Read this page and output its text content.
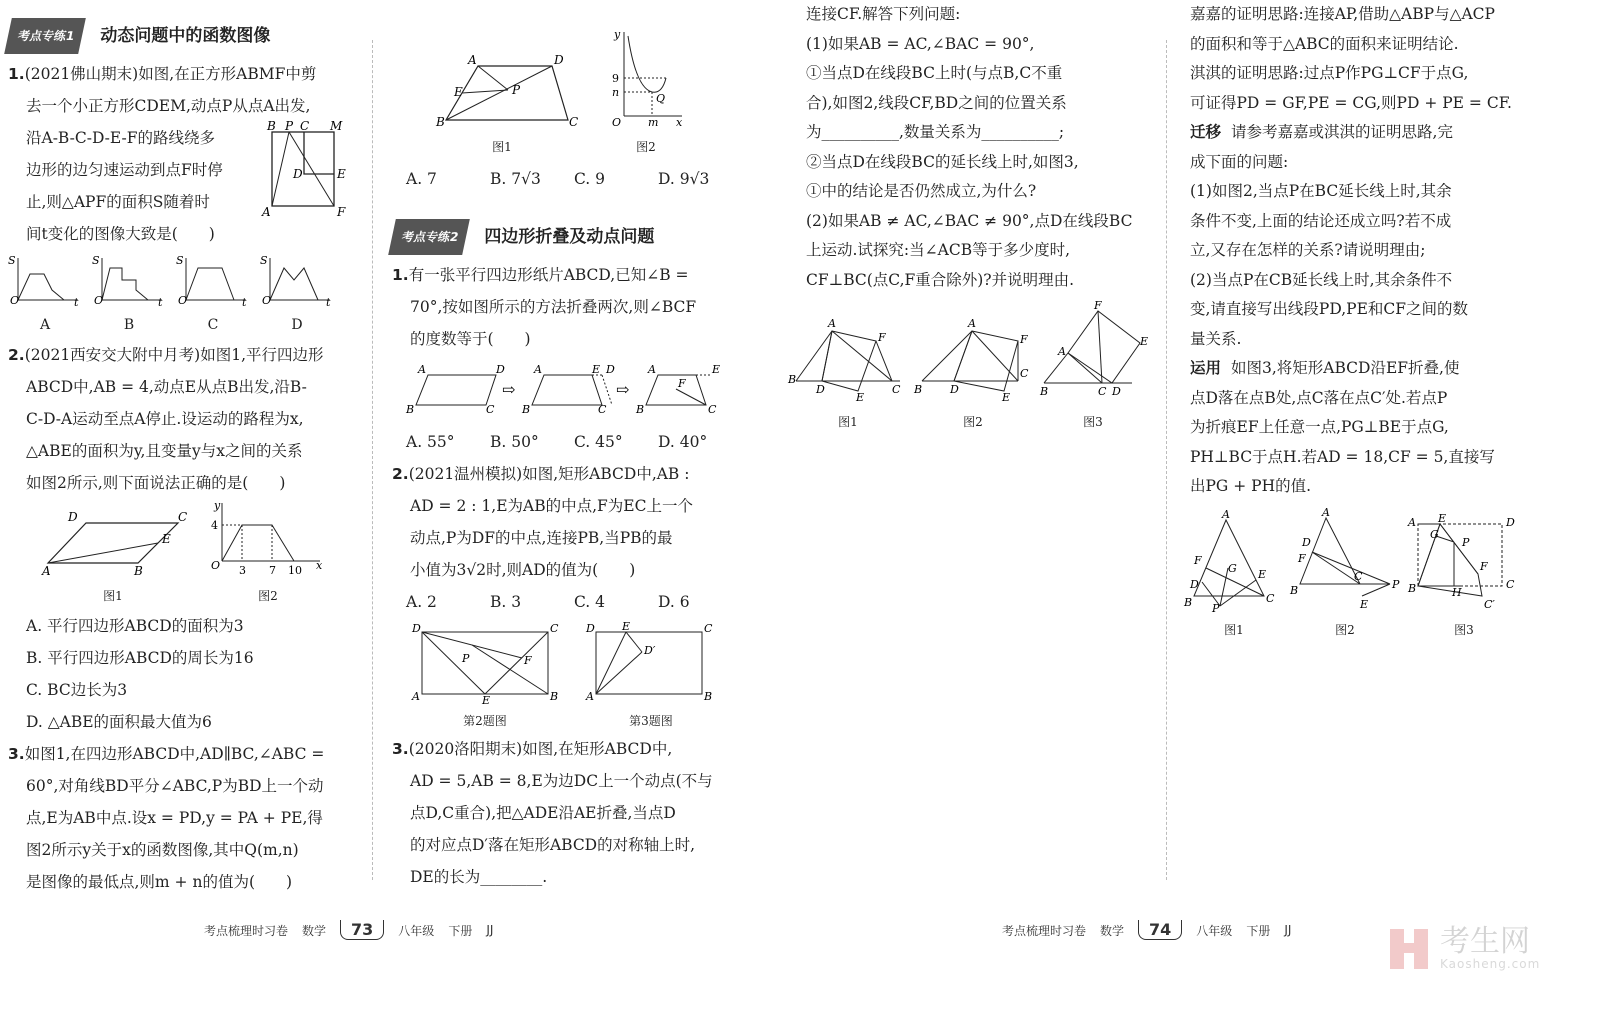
考点专练1	动态问题中的函数图像

1.(2021佛山期末)如图,在正方形ABMF中剪

去一个小正方形CDEM,动点P从点A出发,

沿A-B-C-D-E-F的路线绕多

边形的边匀速运动到点F时停

止,则△APF的面积S随着时

间t变化的图像大致是(　　)

B P C M
D	E
A	F
S
O	t
A
S
O	t
B
S
O	t
C
S
O	t
D

2.(2021西安交大附中月考)如图1,平行四边形

ABCD中,AB = 4,动点E从点B出发,沿B-

C-D-A运动至点A停止.设运动的路程为x,

△ABE的面积为y,且变量y与x之间的关系

如图2所示,则下面说法正确的是(　　)

D	C
E
A	B
图1
y
4
O 3 7 10 x
图2

A. 平行四边形ABCD的面积为3

B. 平行四边形ABCD的周长为16

C. BC边长为3

D. △ABE的面积最大值为6

3.如图1,在四边形ABCD中,AD∥BC,∠ABC =

60°,对角线BD平分∠ABC,P为BD上一个动

点,E为AB中点.设x = PD,y = PA + PE,得

图2所示y关于x的函数图像,其中Q(m,n)

是图像的最低点,则m + n的值为(　　)

A	D
E	P
B	C
图1
y
9
n
O m x
Q
图2
A. 7	B. 7√3	C. 9	D. 9√3
考点专练2	四边形折叠及动点问题

1.有一张平行四边形纸片ABCD,已知∠B =

70°,按如图所示的方法折叠两次,则∠BCF

的度数等于(　　)

A	D
B	C
⇨
A	E D
B	C
⇨
A	E
F
B	C
A. 55°	B. 50°	C. 45°	D. 40°

2.(2021温州模拟)如图,矩形ABCD中,AB :

AD = 2 : 1,E为AB的中点,F为EC上一个

动点,P为DF的中点,连接PB,当PB的最

小值为3√2时,则AD的值为(　　)

A. 2	B. 3	C. 4	D. 6
D	C
P	F
A	E	B
第2题图
D E	C
D′
A	B
第3题图

3.(2020洛阳期末)如图,在矩形ABCD中,

AD = 5,AB = 8,E为边DC上一个动点(不与

点D,C重合),把△ADE沿AE折叠,当点D

的对应点D′落在矩形ABCD的对称轴上时,

DE的长为________.

连接CF.解答下列问题:

(1)如果AB = AC,∠BAC = 90°,

①当点D在线段BC上时(与点B,C不重

合),如图2,线段CF,BD之间的位置关系

为__________,数量关系为__________;

②当点D在线段BC的延长线上时,如图3,

①中的结论是否仍然成立,为什么?

(2)如果AB ≠ AC,∠BAC ≠ 90°,点D在线段BC

上运动.试探究:当∠ACB等于多少度时,

CF⊥BC(点C,F重合除外)?并说明理由.

A
F
B
D
E
C
图1
A
F
C
B	D
E
图2
F
E
A
B	C D
图3

嘉嘉的证明思路:连接AP,借助△ABP与△ACP

的面积和等于△ABC的面积来证明结论.

淇淇的证明思路:过点P作PG⊥CF于点G,

可证得PD = GF,PE = CG,则PD + PE = CF.

迁移 请参考嘉嘉或淇淇的证明思路,完

成下面的问题:

(1)如图2,当点P在BC延长线上时,其余

条件不变,上面的结论还成立吗?若不成

立,又存在怎样的关系?请说明理由;

(2)当点P在CB延长线上时,其余条件不

变,请直接写出线段PD,PE和CF之间的数

量关系.

运用 如图3,将矩形ABCD沿EF折叠,使

点D落在点B处,点C落在点C′处.若点P

为折痕EF上任意一点,PG⊥BE于点G,

PH⊥BC于点H.若AD = 18,CF = 5,直接写

出PG + PH的值.

A
F
G
D
E
B P
C
图1
A
D
F
E
B
C
P
图2
A E	D
G
P
F
B	H
C
C′
图3
考点梳理时习卷 数学	73	八年级 下册 JJ	考点梳理时习卷 数学	74	八年级 下册 JJ	考生网
Kaosheng.com
